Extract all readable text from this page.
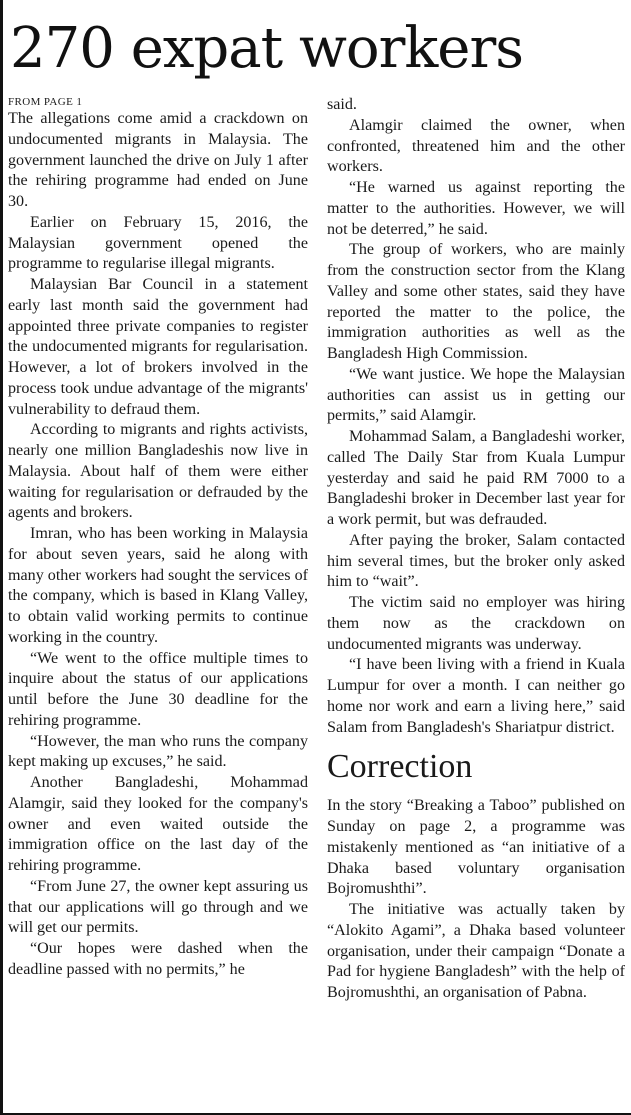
270 expat workers

FROM PAGE 1

The allegations come amid a crackdown on undocumented migrants in Malaysia. The government launched the drive on July 1 after the rehiring programme had ended on June 30.

Earlier on February 15, 2016, the Malaysian government opened the programme to regularise illegal migrants.

Malaysian Bar Council in a statement early last month said the government had appointed three private companies to register the undocumented migrants for regularisation. However, a lot of brokers involved in the process took undue advantage of the migrants' vulnerability to defraud them.

According to migrants and rights activists, nearly one million Bangladeshis now live in Malaysia. About half of them were either waiting for regularisation or defrauded by the agents and brokers.

Imran, who has been working in Malaysia for about seven years, said he along with many other workers had sought the services of the company, which is based in Klang Valley, to obtain valid working permits to continue working in the country.

“We went to the office multiple times to inquire about the status of our applications until before the June 30 deadline for the rehiring programme.

“However, the man who runs the company kept making up excuses,” he said.

Another Bangladeshi, Mohammad Alamgir, said they looked for the company's owner and even waited outside the immigration office on the last day of the rehiring programme.

“From June 27, the owner kept assuring us that our applications will go through and we will get our permits.

“Our hopes were dashed when the deadline passed with no permits,” he

said.

Alamgir claimed the owner, when confronted, threatened him and the other workers.

“He warned us against reporting the matter to the authorities. However, we will not be deterred,” he said.

The group of workers, who are mainly from the construction sector from the Klang Valley and some other states, said they have reported the matter to the police, the immigration authorities as well as the Bangladesh High Commission.

“We want justice. We hope the Malaysian authorities can assist us in getting our permits,” said Alamgir.

Mohammad Salam, a Bangladeshi worker, called The Daily Star from Kuala Lumpur yesterday and said he paid RM 7000 to a Bangladeshi broker in December last year for a work permit, but was defrauded.

After paying the broker, Salam contacted him several times, but the broker only asked him to “wait”.

The victim said no employer was hiring them now as the crackdown on undocumented migrants was underway.

“I have been living with a friend in Kuala Lumpur for over a month. I can neither go home nor work and earn a living here,” said Salam from Bangladesh's Shariatpur district.

Correction

In the story “Breaking a Taboo” published on Sunday on page 2, a programme was mistakenly mentioned as “an initiative of a Dhaka based voluntary organisation Bojromushthi”.

The initiative was actually taken by “Alokito Agami”, a Dhaka based volunteer organisation, under their campaign “Donate a Pad for hygiene Bangladesh” with the help of Bojromushthi, an organisation of Pabna.
